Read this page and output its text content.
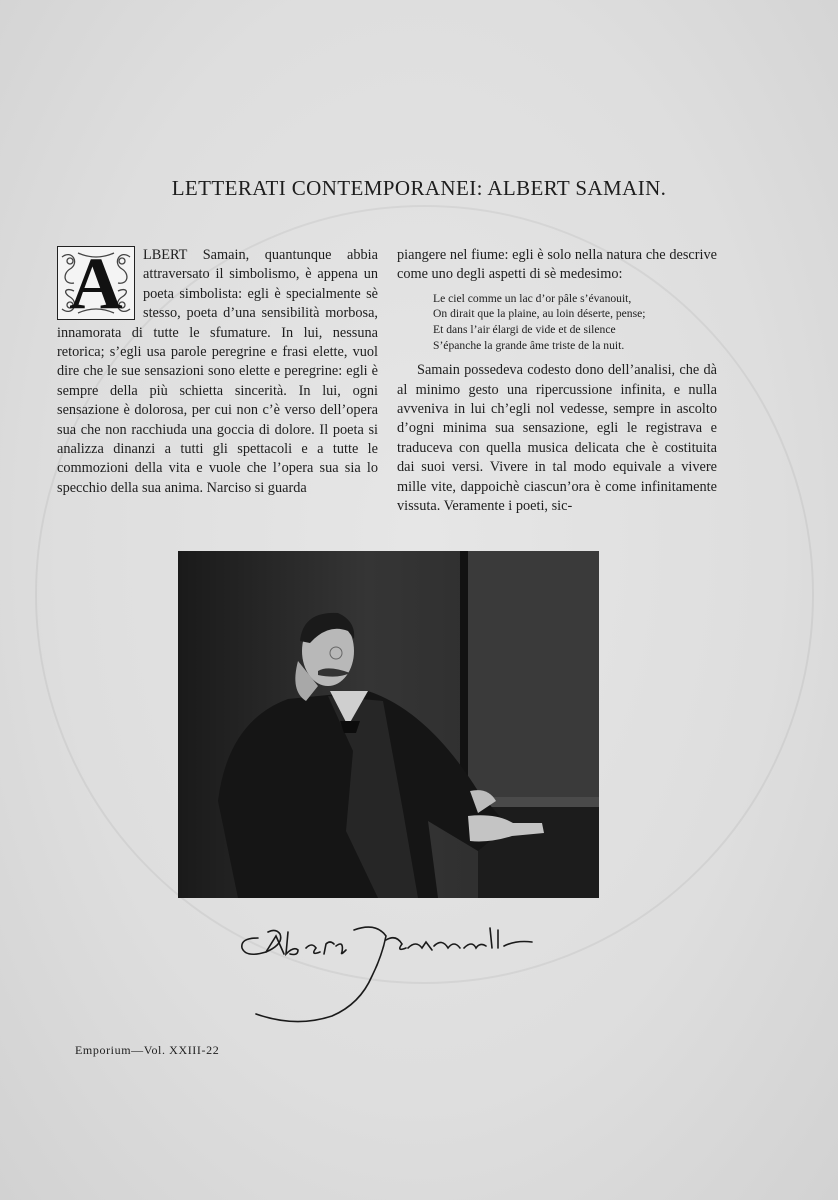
LETTERATI CONTEMPORANEI: ALBERT SAMAIN.
A	LBERT Samain, quantunque abbia attraversato il simbolismo, è appena un poeta simbolista: egli è specialmente sè stesso, poeta d’una sensibilità morbosa, innamorata di tutte le sfumature. In lui, nessuna retorica; s’egli usa parole peregrine e frasi elette, vuol dire che le sue sensazioni sono elette e peregrine: egli è sempre della più schietta sincerità. In lui, ogni sensazione è dolorosa, per cui non c’è verso dell’opera sua che non racchiuda una goccia di dolore. Il poeta si analizza dinanzi a tutti gli spettacoli e a tutte le commozioni della vita e vuole che l’opera sua sia lo specchio della sua anima. Narciso si guarda

piangere nel fiume: egli è solo nella natura che descrive come uno degli aspetti di sè medesimo:

Le ciel comme un lac d’or pâle s’évanouit,
On dirait que la plaine, au loin déserte, pense;
Et dans l’air élargi de vide et de silence
S’épanche la grande âme triste de la nuit.

Samain possedeva codesto dono dell’analisi, che dà al minimo gesto una ripercussione infinita, e nulla avveniva in lui ch’egli nol vedesse, sempre in ascolto d’ogni minima sua sensazione, egli le registrava e traduceva con quella musica delicata che è costituita dai suoi versi. Vivere in tal modo equivale a vivere mille vite, dappoichè ciascun’ora è come infinitamente vissuta. Veramente i poeti, sic-

Emporium—Vol. XXIII-22
